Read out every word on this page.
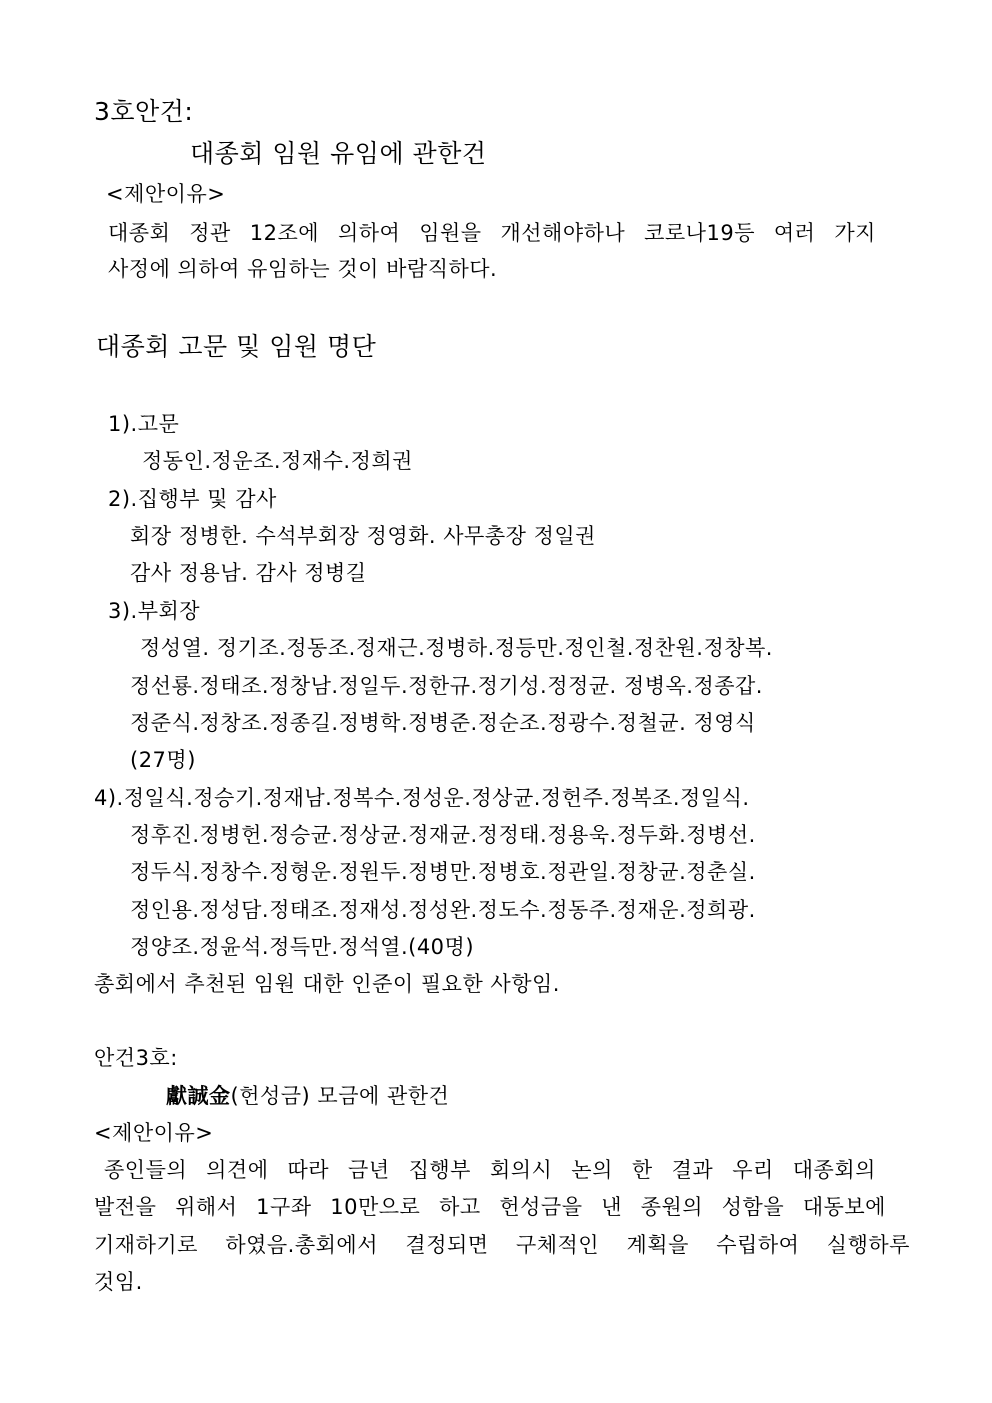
3호안건:
대종회 임원 유임에 관한건
<제안이유>
대종회 정관 12조에 의하여 임원을 개선해야하나 코로나19등 여러 가지
사정에 의하여 유임하는 것이 바람직하다.
대종회 고문 및 임원 명단
1).고문
정동인.정운조.정재수.정희권
2).집행부 및 감사
회장 정병한. 수석부회장 정영화. 사무총장 정일권
감사 정용남. 감사 정병길
3).부회장
정성열. 정기조.정동조.정재근.정병하.정등만.정인철.정찬원.정창복.
정선룡.정태조.정창남.정일두.정한규.정기성.정정균. 정병옥.정종갑.
정준식.정창조.정종길.정병학.정병준.정순조.정광수.정철균. 정영식
(27명)
4).정일식.정승기.정재남.정복수.정성운.정상균.정헌주.정복조.정일식.
정후진.정병헌.정승균.정상균.정재균.정정태.정용욱.정두화.정병선.
정두식.정창수.정형운.정원두.정병만.정병호.정관일.정창균.정춘실.
정인용.정성담.정태조.정재성.정성완.정도수.정동주.정재운.정희광.
정양조.정윤석.정득만.정석열.(40명)
총회에서 추천된 임원 대한 인준이 필요한 사항임.
안건3호:
獻誠金(헌성금) 모금에 관한건
<제안이유>
종인들의 의견에 따라 금년 집행부 회의시 논의 한 결과 우리 대종회의
발전을 위해서 1구좌 10만으로 하고 헌성금을 낸 종원의 성함을 대동보에
기재하기로 하였음.총회에서 결정되면 구체적인 계획을 수립하여 실행하루
것임.
